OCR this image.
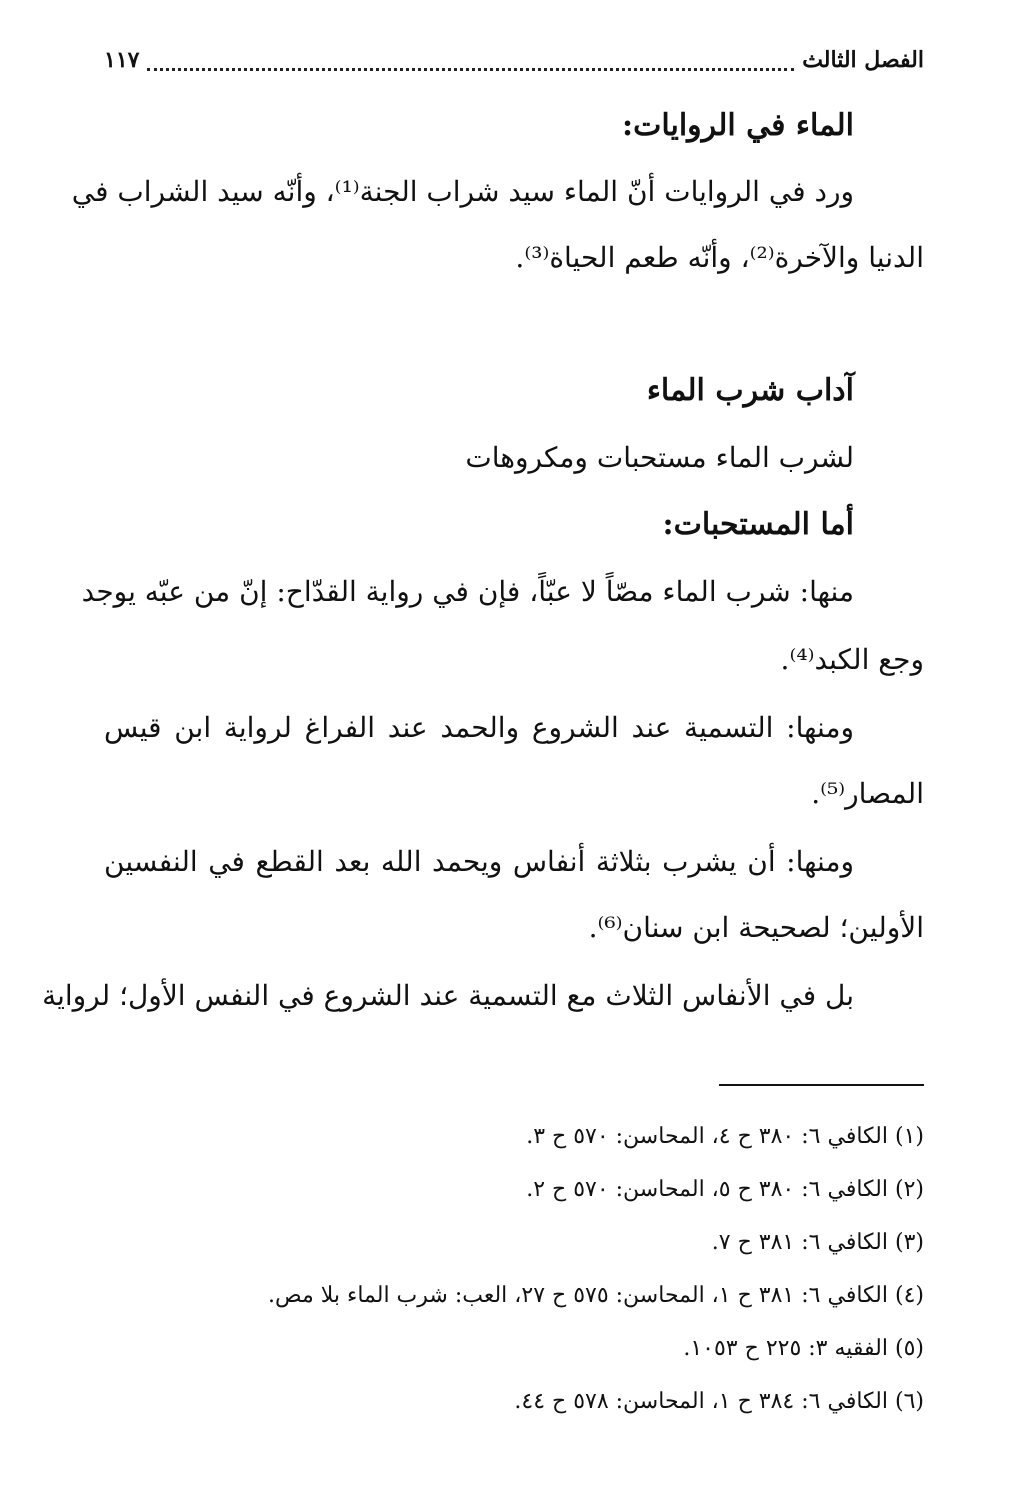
الفصل الثالث
١١٧
الماء في الروايات:
ورد في الروايات أنّ الماء سيد شراب الجنة⁽¹⁾، وأنّه سيد الشراب في
الدنيا والآخرة⁽²⁾، وأنّه طعم الحياة⁽³⁾.
آداب شرب الماء
لشرب الماء مستحبات ومكروهات
أما المستحبات:
منها: شرب الماء مصّاً لا عبّاً، فإن في رواية القدّاح: إنّ من عبّه يوجد
وجع الكبد⁽⁴⁾.
ومنها: التسمية عند الشروع والحمد عند الفراغ لرواية ابن قيس
المصار⁽⁵⁾.
ومنها: أن يشرب بثلاثة أنفاس ويحمد الله بعد القطع في النفسين
الأولين؛ لصحيحة ابن سنان⁽⁶⁾.
بل في الأنفاس الثلاث مع التسمية عند الشروع في النفس الأول؛ لرواية
(١) الكافي ٦: ٣٨٠ ح ٤، المحاسن: ٥٧٠ ح ٣.
(٢) الكافي ٦: ٣٨٠ ح ٥، المحاسن: ٥٧٠ ح ٢.
(٣) الكافي ٦: ٣٨١ ح ٧.
(٤) الكافي ٦: ٣٨١ ح ١، المحاسن: ٥٧٥ ح ٢٧، العب: شرب الماء بلا مص.
(٥) الفقيه ٣: ٢٢٥ ح ١٠٥٣.
(٦) الكافي ٦: ٣٨٤ ح ١، المحاسن: ٥٧٨ ح ٤٤.
